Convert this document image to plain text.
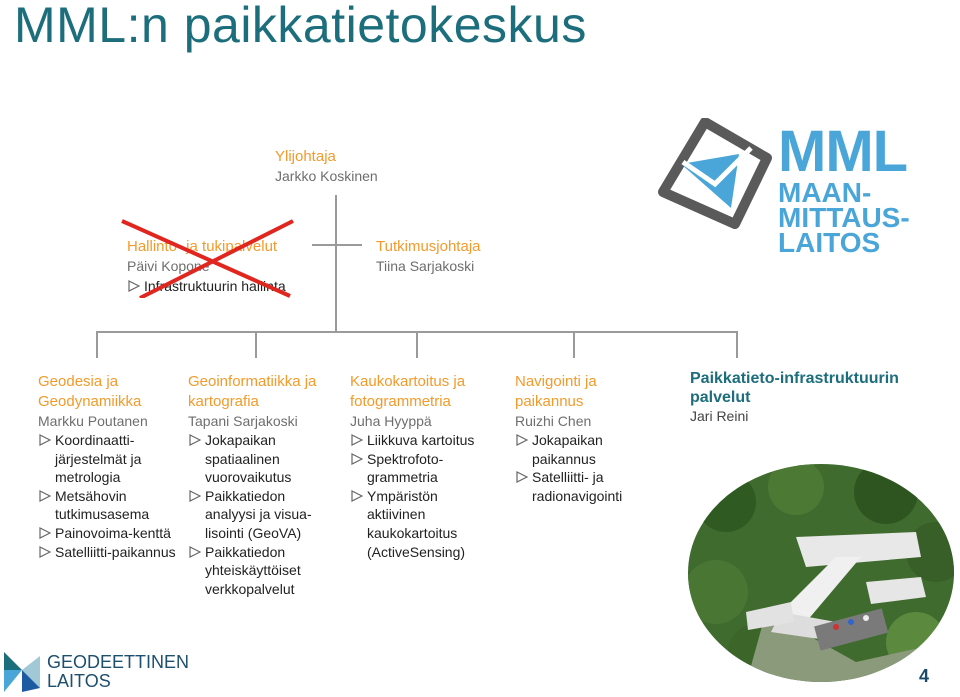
MML:n paikkatietokeskus
Ylijohtaja
Jarkko Koskinen
Hallinto- ja tukipalvelut
Päivi Kopone
Infrastruktuurin hallinta
Tutkimusjohtaja
Tiina Sarjakoski
Geodesia ja Geodynamiikka
Markku Poutanen
Koordinaatti-järjestelmät ja metrologia
Metsähovin tutkimusasema
Painovoima-kenttä
Satelliitti-paikannus
Geoinformatiikka ja kartografia
Tapani Sarjakoski
Jokapaikan spatiaalinen vuorovaikutus
Paikkatiedon analyysi ja visua-lisointi (GeoVA)
Paikkatiedon yhteiskäyttöiset verkkopalvelut
Kaukokartoitus ja fotogrammetria
Juha Hyyppä
Liikkuva kartoitus
Spektrofoto-grammetria
Ympäristön aktiivinen kaukokartoitus (ActiveSensing)
Navigointi ja paikannus
Ruizhi Chen
Jokapaikan paikannus
Satelliitti- ja radionavigointi
Paikkatieto-infrastruktuurin palvelut
Jari Reini
MML
MAAN-
MITTAUS-
LAITOS
GEODEETTINEN
LAITOS	4
